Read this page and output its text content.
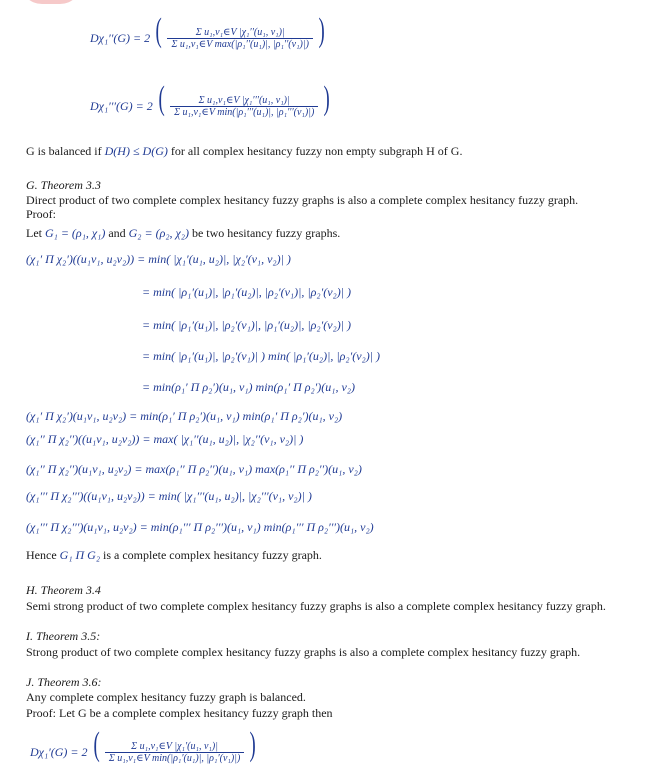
Dχ₁′′(G) = 2 ( $\frac{\text{Σ u₁,v₁∈V |χ₁′′(u₁, v₁)|}}{\text{Σ u₁,v₁∈V max(|ρ₁′′(u₁)|, |ρ₁′′(v₁)|)}}$ )
Dχ₁′′′(G) = 2 ( $\frac{\text{Σ u₁,v₁∈V |χ₁′′′(u₁, v₁)|}}{\text{Σ u₁,v₁∈V min(|ρ₁′′′(u₁)|, |ρ₁′′′(v₁)|)}}$ )
G is balanced if D(H) ≤ D(G) for all complex hesitancy fuzzy non empty subgraph H of G.
G. Theorem 3.3
Direct product of two complete complex hesitancy fuzzy graphs is also a complete complex hesitancy fuzzy graph.
Proof:
Let G₁ = (ρ₁, χ₁) and G₂ = (ρ₂, χ₂) be two hesitancy fuzzy graphs.
(χ₁′ Π χ₂′)((u₁v₁, u₂v₂)) = min( |χ₁′(u₁, u₂)|, |χ₂′(v₁, v₂)| )
= min( |ρ₁′(u₁)|, |ρ₁′(u₂)|, |ρ₂′(v₁)|, |ρ₂′(v₂)| )
= min( |ρ₁′(u₁)|, |ρ₂′(v₁)|, |ρ₁′(u₂)|, |ρ₂′(v₂)| )
= min( |ρ₁′(u₁)|, |ρ₂′(v₁)| ) min( |ρ₁′(u₂)|, |ρ₂′(v₂)| )
= min(ρ₁′ Π ρ₂′)(u₁, v₁) min(ρ₁′ Π ρ₂′)(u₁, v₂)
(χ₁′ Π χ₂′)(u₁v₁, u₂v₂) = min(ρ₁′ Π ρ₂′)(u₁, v₁) min(ρ₁′ Π ρ₂′)(u₁, v₂)
(χ₁′′ Π χ₂′′)((u₁v₁, u₂v₂)) = max( |χ₁′′(u₁, u₂)|, |χ₂′′(v₁, v₂)| )
(χ₁′′ Π χ₂′′)(u₁v₁, u₂v₂) = max(ρ₁′′ Π ρ₂′′)(u₁, v₁) max(ρ₁′′ Π ρ₂′′)(u₁, v₂)
(χ₁′′′ Π χ₂′′′)((u₁v₁, u₂v₂)) = min( |χ₁′′′(u₁, u₂)|, |χ₂′′′(v₁, v₂)| )
(χ₁′′′ Π χ₂′′′)(u₁v₁, u₂v₂) = min(ρ₁′′′ Π ρ₂′′′)(u₁, v₁) min(ρ₁′′′ Π ρ₂′′′)(u₁, v₂)
Hence G₁ Π G₂ is a complete complex hesitancy fuzzy graph.
H. Theorem 3.4
Semi strong product of two complete complex hesitancy fuzzy graphs is also a complete complex hesitancy fuzzy graph.
I. Theorem 3.5:
Strong product of two complete complex hesitancy fuzzy graphs is also a complete complex hesitancy fuzzy graph.
J. Theorem 3.6:
Any complete complex hesitancy fuzzy graph is balanced.
Proof: Let G be a complete complex hesitancy fuzzy graph then
Dχ₁′(G) = 2 ( $\frac{\text{Σ u₁,v₁∈V |χ₁′(u₁, v₁)|}}{\text{Σ u₁,v₁∈V min(|ρ₁′(u₁)|, |ρ₁′(v₁)|)}}$ )
